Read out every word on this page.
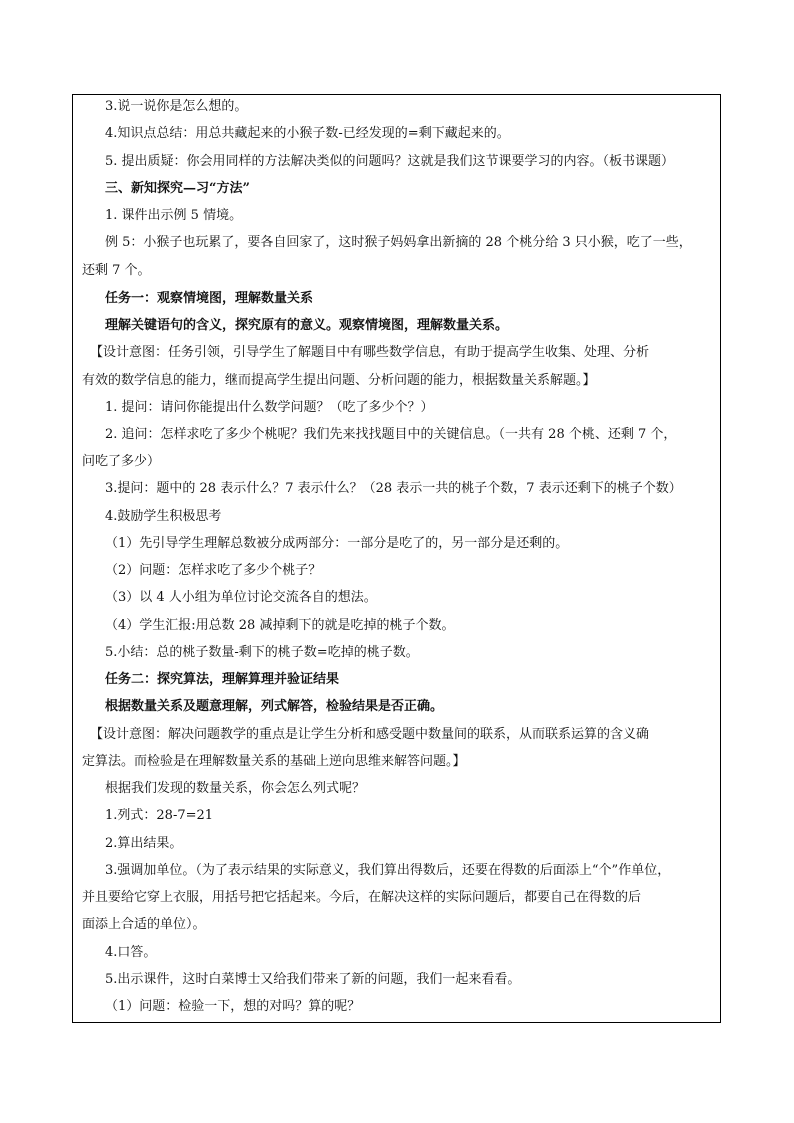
3.说一说你是怎么想的。
4.知识点总结：用总共藏起来的小猴子数-已经发现的=剩下藏起来的。
5. 提出质疑：你会用同样的方法解决类似的问题吗？这就是我们这节课要学习的内容。（板书课题）
三、新知探究—习“方法”
1. 课件出示例 5 情境。
例 5：小猴子也玩累了，要各自回家了，这时猴子妈妈拿出新摘的 28 个桃分给 3 只小猴，吃了一些，
还剩 7 个。
任务一：观察情境图，理解数量关系
理解关键语句的含义，探究原有的意义。观察情境图，理解数量关系。
【设计意图：任务引领，引导学生了解题目中有哪些数学信息，有助于提高学生收集、处理、分析
有效的数学信息的能力，继而提高学生提出问题、分析问题的能力，根据数量关系解题。】
1. 提问：请问你能提出什么数学问题？（吃了多少个？）
2. 追问：怎样求吃了多少个桃呢？我们先来找找题目中的关键信息。（一共有 28 个桃、还剩 7 个，
问吃了多少）
3.提问：题中的 28 表示什么？7 表示什么？（28 表示一共的桃子个数，7 表示还剩下的桃子个数）
4.鼓励学生积极思考
（1）先引导学生理解总数被分成两部分：一部分是吃了的，另一部分是还剩的。
（2）问题：怎样求吃了多少个桃子？
（3）以 4 人小组为单位讨论交流各自的想法。
（4）学生汇报:用总数 28 减掉剩下的就是吃掉的桃子个数。
5.小结：总的桃子数量-剩下的桃子数=吃掉的桃子数。
任务二：探究算法，理解算理并验证结果
根据数量关系及题意理解，列式解答，检验结果是否正确。
【设计意图：解决问题教学的重点是让学生分析和感受题中数量间的联系，从而联系运算的含义确
定算法。而检验是在理解数量关系的基础上逆向思维来解答问题。】
根据我们发现的数量关系，你会怎么列式呢？
1.列式：28-7=21
2.算出结果。
3.强调加单位。（为了表示结果的实际意义，我们算出得数后，还要在得数的后面添上“个”作单位，
并且要给它穿上衣服，用括号把它括起来。今后，在解决这样的实际问题后，都要自己在得数的后
面添上合适的单位）。
4.口答。
5.出示课件，这时白菜博士又给我们带来了新的问题，我们一起来看看。
（1）问题：检验一下，想的对吗？算的呢？
